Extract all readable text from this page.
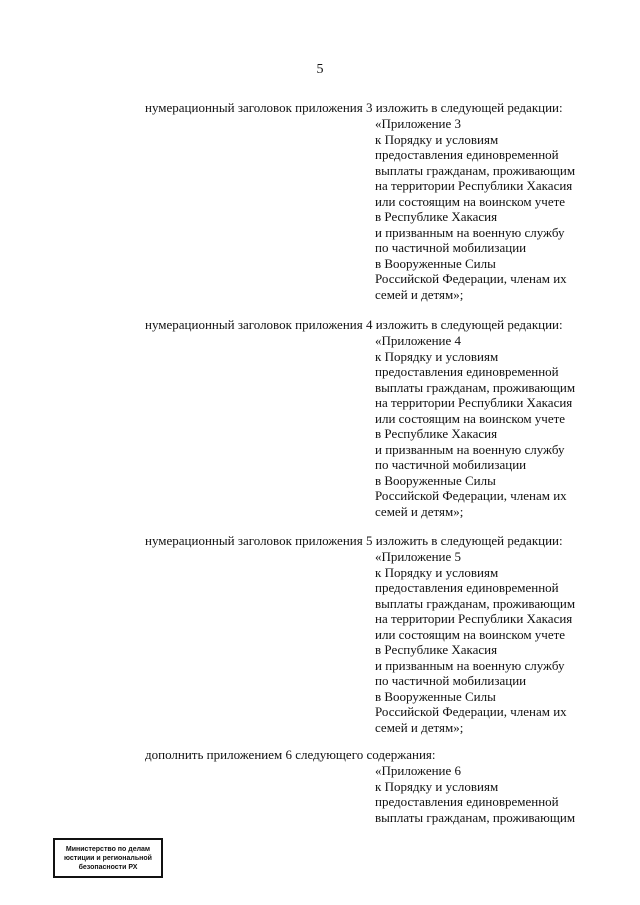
5
нумерационный заголовок приложения 3 изложить в следующей редакции:
«Приложение 3
к Порядку и условиям
предоставления единовременной
выплаты гражданам, проживающим
на территории Республики Хакасия
или состоящим на воинском учете
в Республике Хакасия
и призванным на военную службу
по частичной мобилизации
в Вооруженные Силы
Российской Федерации, членам их
семей и детям»;
нумерационный заголовок приложения 4 изложить в следующей редакции:
«Приложение 4
к Порядку и условиям
предоставления единовременной
выплаты гражданам, проживающим
на территории Республики Хакасия
или состоящим на воинском учете
в Республике Хакасия
и призванным на военную службу
по частичной мобилизации
в Вооруженные Силы
Российской Федерации, членам их
семей и детям»;
нумерационный заголовок приложения 5 изложить в следующей редакции:
«Приложение 5
к Порядку и условиям
предоставления единовременной
выплаты гражданам, проживающим
на территории Республики Хакасия
или состоящим на воинском учете
в Республике Хакасия
и призванным на военную службу
по частичной мобилизации
в Вооруженные Силы
Российской Федерации, членам их
семей и детям»;
дополнить приложением 6 следующего содержания:
«Приложение 6
к Порядку и условиям
предоставления единовременной
выплаты гражданам, проживающим
Министерство по делам
юстиции и региональной
безопасности РХ
